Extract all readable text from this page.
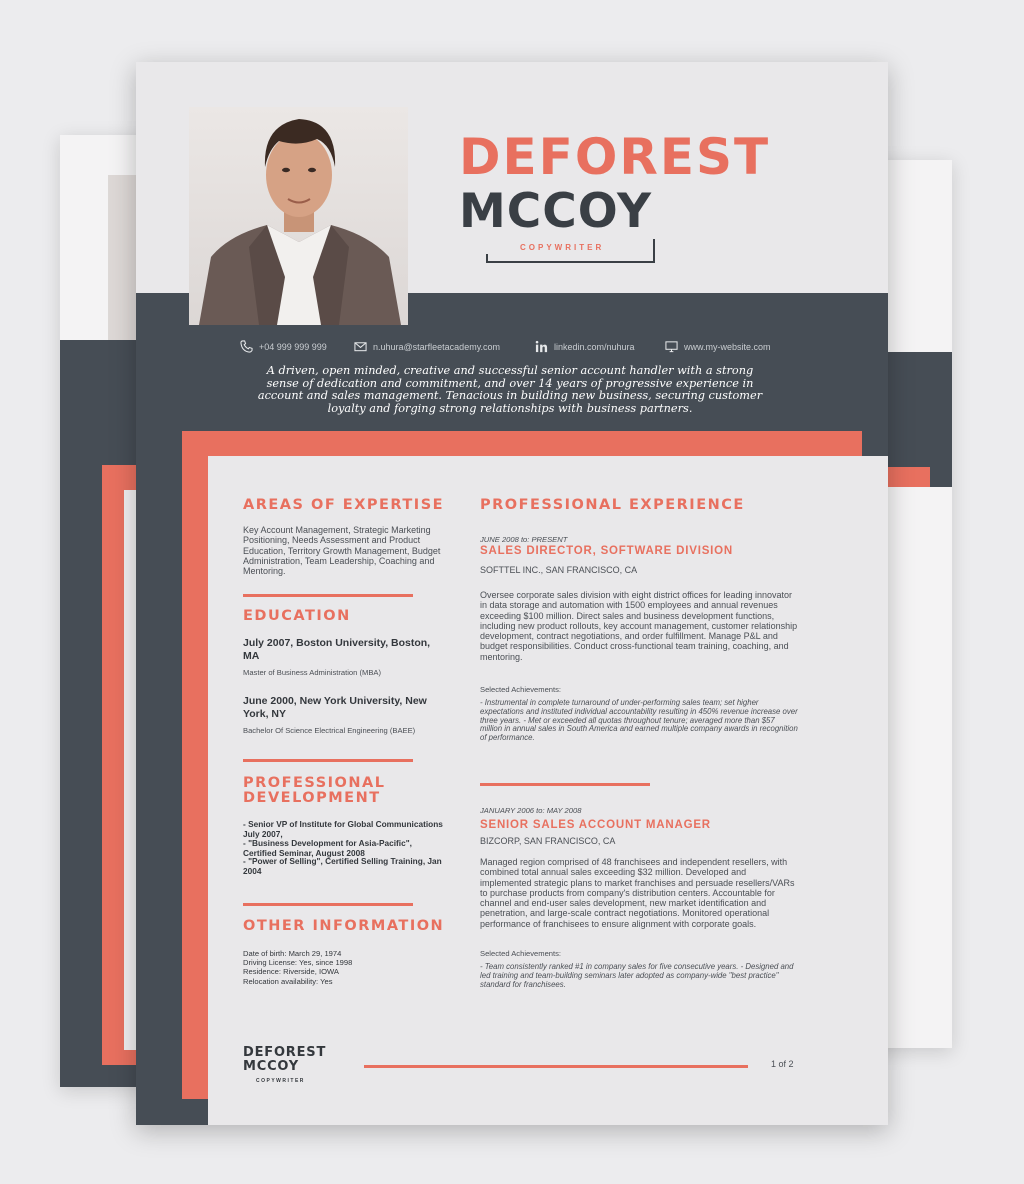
DEFOREST
MCCOY
COPYWRITER
+04 999 999 999	n.uhura@starfleetacademy.com	linkedin.com/nuhura	www.my-website.com
A driven, open minded, creative and successful senior account handler with a strong sense of dedication and commitment, and over 14 years of progressive experience in account and sales management. Tenacious in building new business, securing customer loyalty and forging strong relationships with business partners.
AREAS OF EXPERTISE
Key Account Management, Strategic Marketing Positioning, Needs Assessment and Product Education, Territory Growth Management, Budget Administration, Team Leadership, Coaching and Mentoring.
EDUCATION
July 2007, Boston University, Boston, MA
Master of Business Administration (MBA)
June 2000, New York University, New York, NY
Bachelor Of Science Electrical Engineering (BAEE)
PROFESSIONAL DEVELOPMENT
- Senior VP of Institute for Global Communications July 2007,
- "Business Development for Asia-Pacific", Certified Seminar, August 2008
- "Power of Selling", Certified Selling Training, Jan 2004
OTHER INFORMATION
Date of birth: March 29, 1974
Driving License: Yes, since 1998
Residence: Riverside, IOWA
Relocation availability: Yes
PROFESSIONAL EXPERIENCE
JUNE 2008 to: PRESENT
SALES DIRECTOR, SOFTWARE DIVISION
SOFTTEL INC., SAN FRANCISCO, CA
Oversee corporate sales division with eight district offices for leading innovator in data storage and automation with 1500 employees and annual revenues exceeding $100 million. Direct sales and business development functions, including new product rollouts, key account management, customer relationship development, contract negotiations, and order fulfillment. Manage P&L and budget responsibilities. Conduct cross-functional team training, coaching, and mentoring.
Selected Achievements:
- Instrumental in complete turnaround of under-performing sales team; set higher expectations and instituted individual accountability resulting in 450% revenue increase over three years. - Met or exceeded all quotas throughout tenure; averaged more than $57 million in annual sales in South America and earned multiple company awards in recognition of performance.
JANUARY 2006 to: MAY 2008
SENIOR SALES ACCOUNT MANAGER
BIZCORP, SAN FRANCISCO, CA
Managed region comprised of 48 franchisees and independent resellers, with combined total annual sales exceeding $32 million. Developed and implemented strategic plans to market franchises and persuade resellers/VARs to purchase products from company's distribution centers. Accountable for channel and end-user sales development, new market identification and penetration, and large-scale contract negotiations. Monitored operational performance of franchisees to ensure alignment with corporate goals.
Selected Achievements:
- Team consistently ranked #1 in company sales for five consecutive years. - Designed and led training and team-building seminars later adopted as company-wide "best practice" standard for franchisees.
DEFOREST
MCCOY
COPYWRITER
1 of 2
